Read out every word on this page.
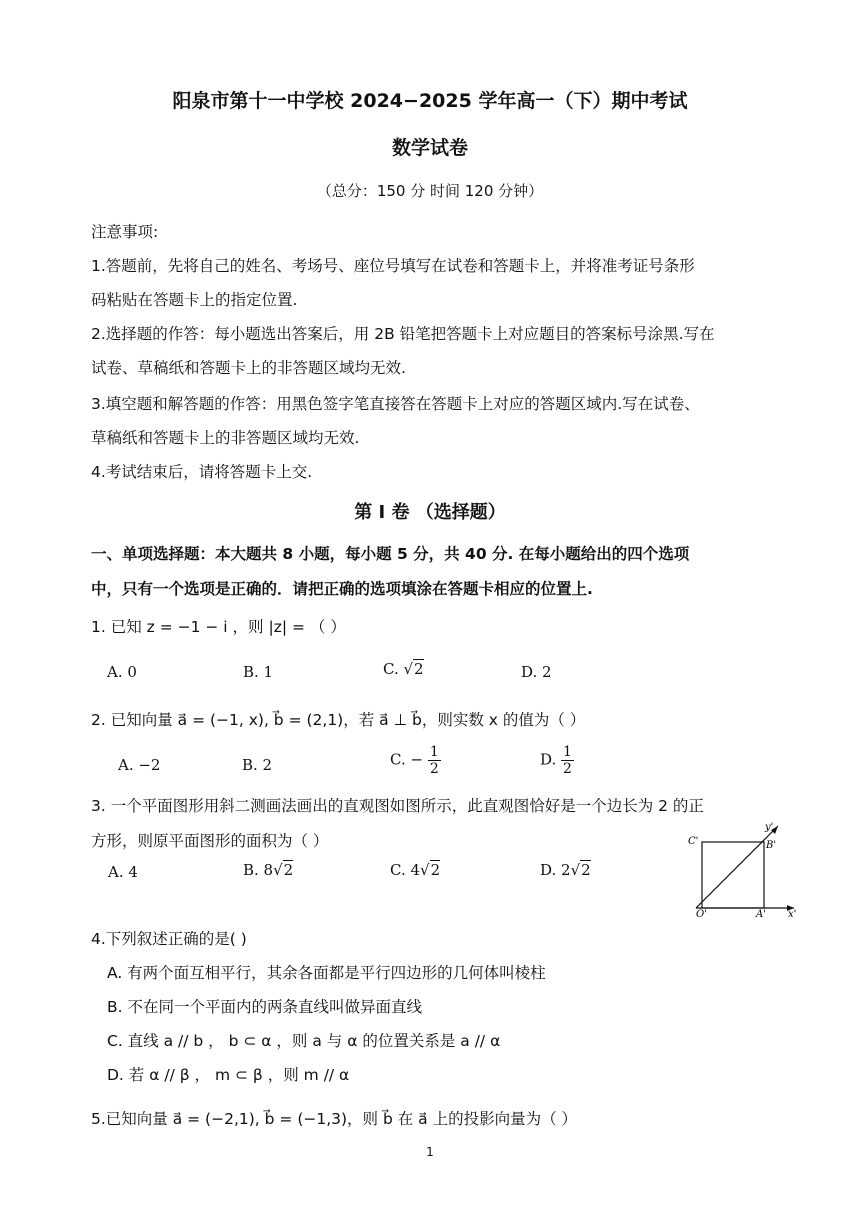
阳泉市第十一中学校 2024−2025 学年高一（下）期中考试
数学试卷
（总分：150 分 时间 120 分钟）
注意事项:
1.答题前，先将自己的姓名、考场号、座位号填写在试卷和答题卡上，并将准考证号条形
码粘贴在答题卡上的指定位置.
2.选择题的作答：每小题选出答案后，用 2B 铅笔把答题卡上对应题目的答案标号涂黑.写在
试卷、草稿纸和答题卡上的非答题区域均无效.
3.填空题和解答题的作答：用黑色签字笔直接答在答题卡上对应的答题区域内.写在试卷、
草稿纸和答题卡上的非答题区域均无效.
4.考试结束后，请将答题卡上交.
第 I 卷 （选择题）
一、单项选择题：本大题共 8 小题，每小题 5 分，共 40 分. 在每小题给出的四个选项
中，只有一个选项是正确的．请把正确的选项填涂在答题卡相应的位置上.
1. 已知 z = −1 − i ，则 |z| = （ ）
A. 0	B. 1	C. √2	D. 2
2. 已知向量 a⃗ = (−1, x), b⃗ = (2,1)，若 a⃗ ⊥ b⃗，则实数 x 的值为（ ）
A. −2	B. 2	C. − $\frac{1}{2}$	D. $\frac{1}{2}$
3. 一个平面图形用斜二测画法画出的直观图如图所示，此直观图恰好是一个边长为 2 的正
方形，则原平面图形的面积为（ ）
A. 4	B. 8√2	C. 4√2	D. 2√2
y'
x'
C'	B'
O'	A'
4.下列叙述正确的是( )
A. 有两个面互相平行，其余各面都是平行四边形的几何体叫棱柱
B. 不在同一个平面内的两条直线叫做异面直线
C. 直线 a // b ， b ⊂ α ，则 a 与 α 的位置关系是 a // α
D. 若 α // β ， m ⊂ β ，则 m // α
5.已知向量 a⃗ = (−2,1), b⃗ = (−1,3)，则 b⃗ 在 a⃗ 上的投影向量为（ ）
1
